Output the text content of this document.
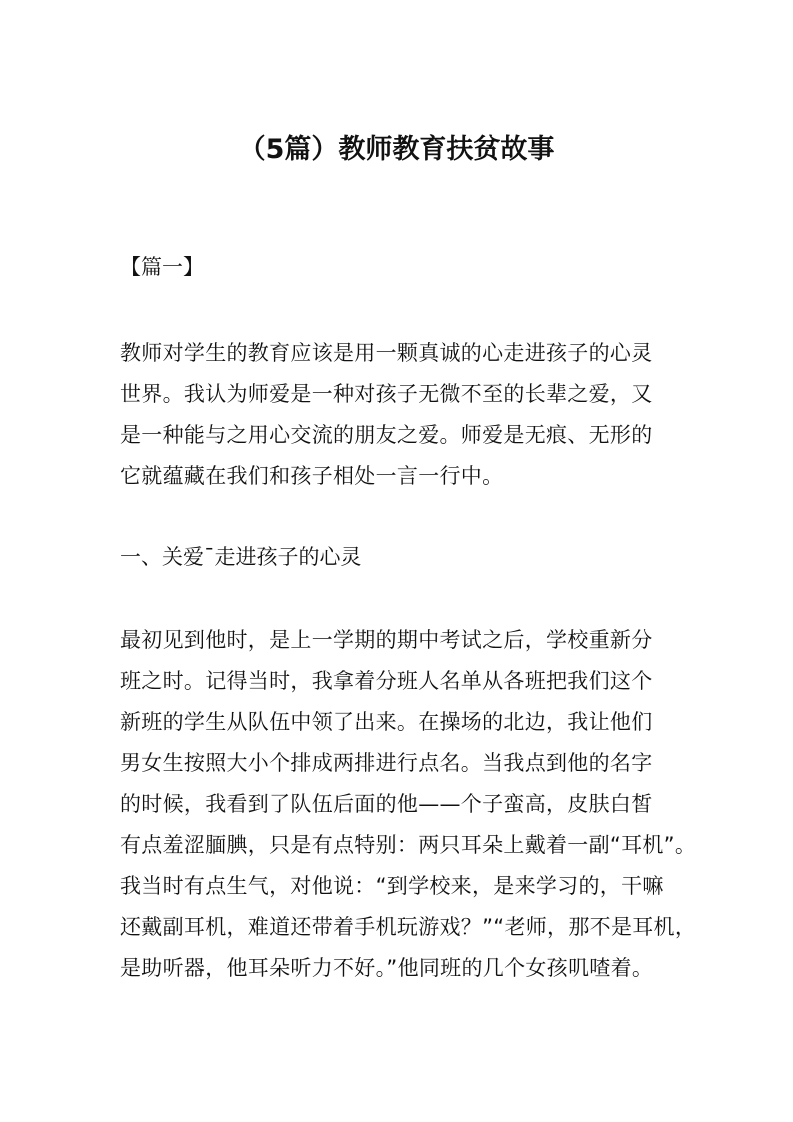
（5篇）教师教育扶贫故事
【篇一】
教师对学生的教育应该是用一颗真诚的心走进孩子的心灵
世界。我认为师爱是一种对孩子无微不至的长辈之爱，又
是一种能与之用心交流的朋友之爱。师爱是无痕、无形的
它就蕴藏在我们和孩子相处一言一行中。
一、关爱¯走进孩子的心灵
最初见到他时，是上一学期的期中考试之后，学校重新分
班之时。记得当时，我拿着分班人名单从各班把我们这个
新班的学生从队伍中领了出来。在操场的北边，我让他们
男女生按照大小个排成两排进行点名。当我点到他的名字
的时候，我看到了队伍后面的他——个子蛮高，皮肤白皙
有点羞涩腼腆，只是有点特别：两只耳朵上戴着一副“耳机”。
我当时有点生气，对他说：“到学校来，是来学习的，干嘛
还戴副耳机，难道还带着手机玩游戏？”“老师，那不是耳机，
是助听器，他耳朵听力不好。”他同班的几个女孩叽喳着。
